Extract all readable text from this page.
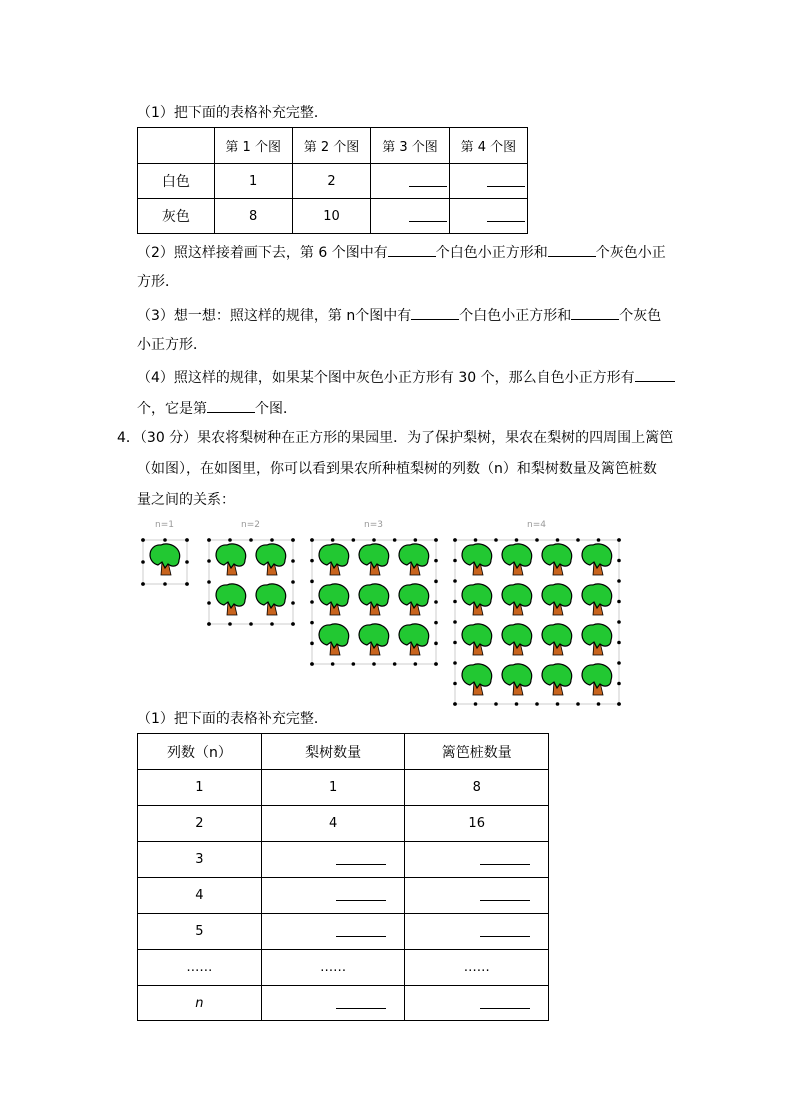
（1）把下面的表格补充完整．
	第 1 个图	第 2 个图	第 3 个图	第 4 个图
白色	1	2		
灰色	8	10		
（2）照这样接着画下去，第 6 个图中有	个白色小正方形和	个灰色小正
方形．
（3）想一想：照这样的规律，第 n个图中有	个白色小正方形和	个灰色
小正方形．
（4）照这样的规律，如果某个图中灰色小正方形有 30 个，那么自色小正方形有
个，它是第	个图．
4．（30 分）果农将梨树种在正方形的果园里．为了保护梨树，果农在梨树的四周围上篱笆
（如图），在如图里，你可以看到果农所种植梨树的列数（n）和梨树数量及篱笆桩数
量之间的关系：
n=1	n=2	n=3	n=4
（1）把下面的表格补充完整．
列数（n）	梨树数量	篱笆桩数量
1	1	8
2	4	16
3		
4		
5		
……	……	……
n		
